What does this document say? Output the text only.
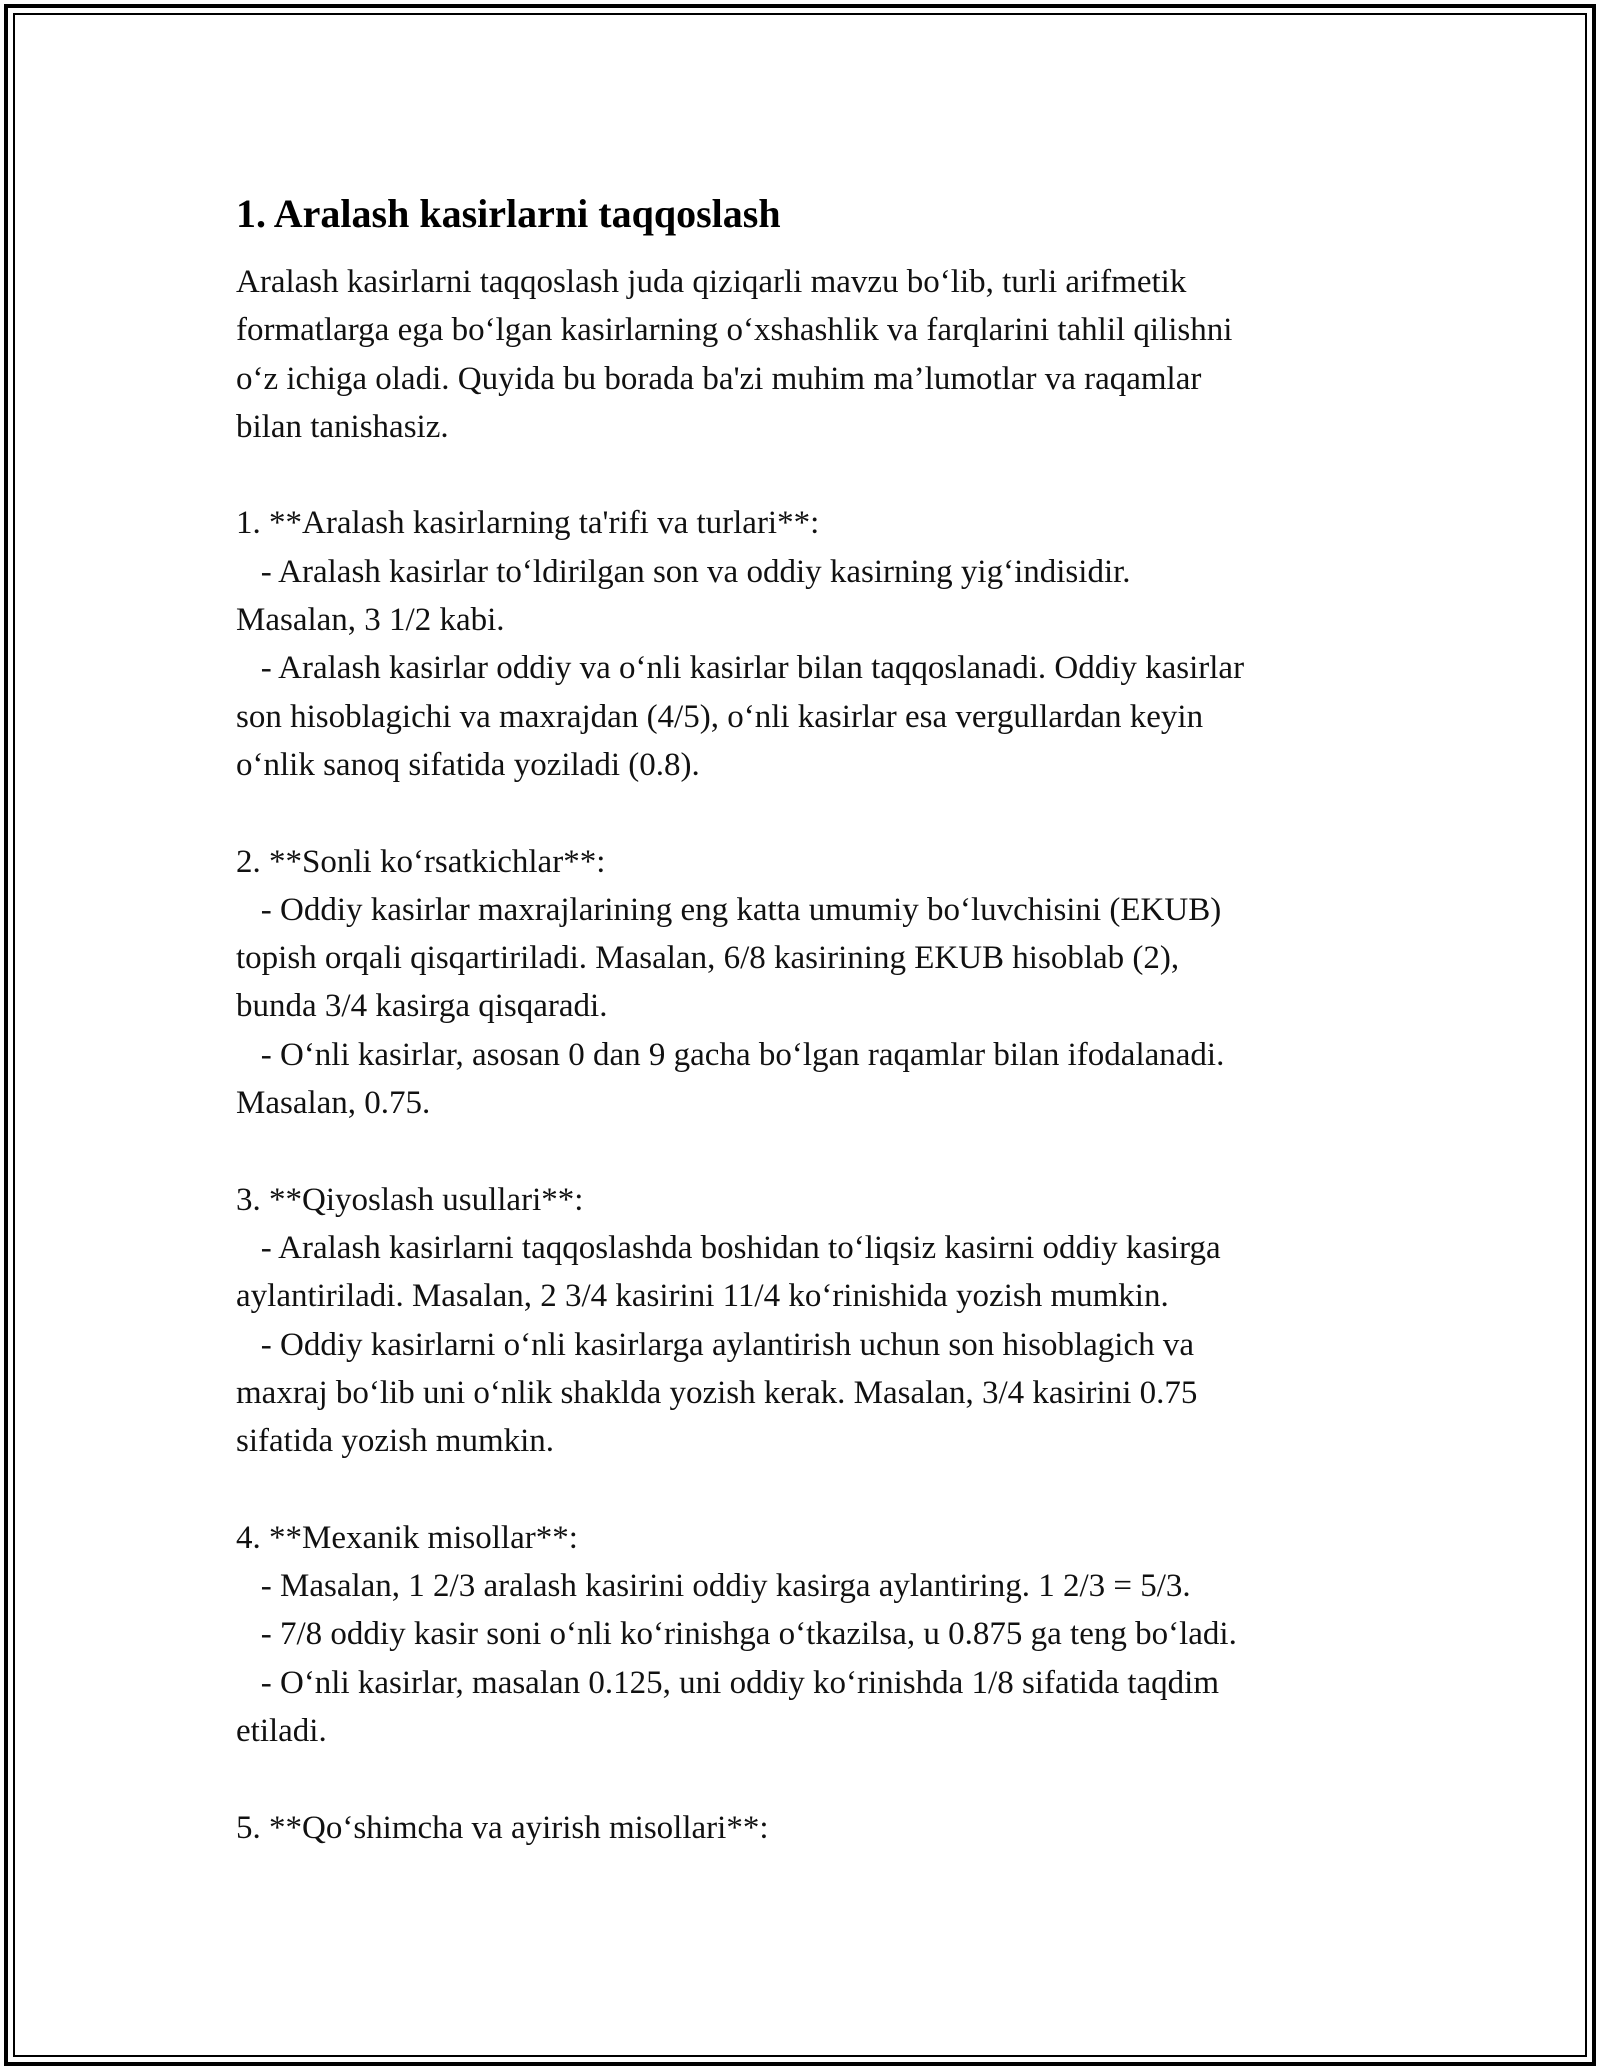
1. Aralash kasirlarni taqqoslash

Aralash kasirlarni taqqoslash juda qiziqarli mavzu bo‘lib, turli arifmetik
formatlarga ega bo‘lgan kasirlarning o‘xshashlik va farqlarini tahlil qilishni
o‘z ichiga oladi. Quyida bu borada ba'zi muhim ma’lumotlar va raqamlar
bilan tanishasiz.

1. **Aralash kasirlarning ta'rifi va turlari**:
- Aralash kasirlar to‘ldirilgan son va oddiy kasirning yig‘indisidir.
Masalan, 3 1/2 kabi.
- Aralash kasirlar oddiy va o‘nli kasirlar bilan taqqoslanadi. Oddiy kasirlar
son hisoblagichi va maxrajdan (4/5), o‘nli kasirlar esa vergullardan keyin
o‘nlik sanoq sifatida yoziladi (0.8).
2. **Sonli ko‘rsatkichlar**:
- Oddiy kasirlar maxrajlarining eng katta umumiy bo‘luvchisini (EKUB)
topish orqali qisqartiriladi. Masalan, 6/8 kasirining EKUB hisoblab (2),
bunda 3/4 kasirga qisqaradi.
- O‘nli kasirlar, asosan 0 dan 9 gacha bo‘lgan raqamlar bilan ifodalanadi.
Masalan, 0.75.
3. **Qiyoslash usullari**:
- Aralash kasirlarni taqqoslashda boshidan to‘liqsiz kasirni oddiy kasirga
aylantiriladi. Masalan, 2 3/4 kasirini 11/4 ko‘rinishida yozish mumkin.
- Oddiy kasirlarni o‘nli kasirlarga aylantirish uchun son hisoblagich va
maxraj bo‘lib uni o‘nlik shaklda yozish kerak. Masalan, 3/4 kasirini 0.75
sifatida yozish mumkin.
4. **Mexanik misollar**:
- Masalan, 1 2/3 aralash kasirini oddiy kasirga aylantiring. 1 2/3 = 5/3.
- 7/8 oddiy kasir soni o‘nli ko‘rinishga o‘tkazilsa, u 0.875 ga teng bo‘ladi.
- O‘nli kasirlar, masalan 0.125, uni oddiy ko‘rinishda 1/8 sifatida taqdim
etiladi.
5. **Qo‘shimcha va ayirish misollari**:
